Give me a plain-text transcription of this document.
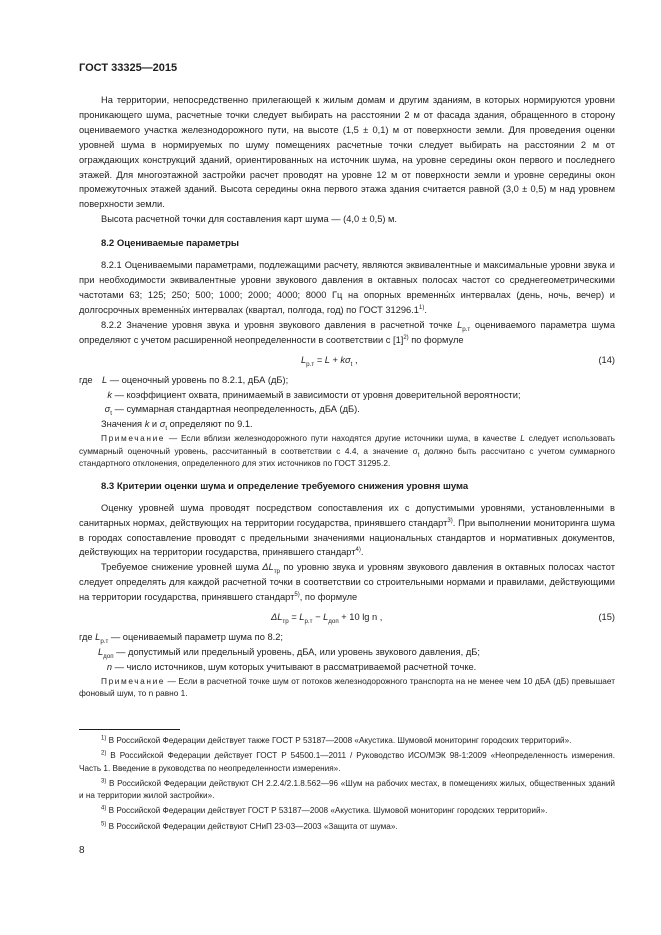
ГОСТ 33325—2015

На территории, непосредственно прилегающей к жилым домам и другим зданиям, в которых нормируются уровни проникающего шума, расчетные точки следует выбирать на расстоянии 2 м от фасада здания, обращенного в сторону оцениваемого участка железнодорожного пути, на высоте (1,5 ± 0,1) м от поверхности земли. Для проведения оценки уровней шума в нормируемых по шуму помещениях расчетные точки следует выбирать на расстоянии 2 м от ограждающих конструкций зданий, ориентированных на источник шума, на уровне середины окон первого и последнего этажей. Для многоэтажной застройки расчет проводят на уровне 12 м от поверхности земли и уровне середины окон промежуточных этажей зданий. Высота середины окна первого этажа здания считается равной (3,0 ± 0,5) м над уровнем поверхности земли.

Высота расчетной точки для составления карт шума — (4,0 ± 0,5) м.

8.2 Оцениваемые параметры

8.2.1 Оцениваемыми параметрами, подлежащими расчету, являются эквивалентные и максимальные уровни звука и при необходимости эквивалентные уровни звукового давления в октавных полосах частот со среднегеометрическими частотами 63; 125; 250; 500; 1000; 2000; 4000; 8000 Гц на опорных временны́х интервалах (день, ночь, вечер) и долгосрочных временны́х интервалах (квартал, полгода, год) по ГОСТ 31296.1$^{1)}$.

8.2.2 Значение уровня звука и уровня звукового давления в расчетной точке $L_{р.т}$ оцениваемого параметра шума определяют с учетом расширенной неопределенности в соответствии с $[1]^{2)}$ по формуле

$L_{р.т} = L + k\sigma_t$ ,	(14)
где L — оценочный уровень по 8.2.1, дБА (дБ);
k — коэффициент охвата, принимаемый в зависимости от уровня доверительной вероятности;
$\sigma_t$ — суммарная стандартная неопределенность, дБА (дБ).

Значения k и $\sigma_t$ определяют по 9.1.

Примечание — Если вблизи железнодорожного пути находятся другие источники шума, в качестве L следует использовать суммарный оценочный уровень, рассчитанный в соответствии с 4.4, а значение $\sigma_t$ должно быть рассчитано с учетом суммарного стандартного отклонения, определенного для этих источников по ГОСТ 31295.2.

8.3 Критерии оценки шума и определение требуемого снижения уровня шума

Оценку уровней шума проводят посредством сопоставления их с допустимыми уровнями, установленными в санитарных нормах, действующих на территории государства, принявшего стандарт$^{3)}$. При выполнении мониторинга шума в городах сопоставление проводят с предельными значениями национальных стандартов и нормативных документов, действующих на территории государства, принявшего стандарт$^{4)}$.

Требуемое снижение уровней шума $\Delta L_{тр}$ по уровню звука и уровням звукового давления в октавных полосах частот следует определять для каждой расчетной точки в соответствии со строительными нормами и правилами, действующими на территории государства, принявшего стандарт$^{5)}$, по формуле

$\Delta L_{тр} = L_{р.т} - L_{доп} + 10$ lg n ,	(15)
где $L_{р.т}$ — оцениваемый параметр шума по 8.2;
$L_{доп}$ — допустимый или предельный уровень, дБА, или уровень звукового давления, дБ;
n — число источников, шум которых учитывают в рассматриваемой расчетной точке.

Примечание — Если в расчетной точке шум от потоков железнодорожного транспорта на не менее чем 10 дБА (дБ) превышает фоновый шум, то n равно 1.

$^{1)}$ В Российской Федерации действует также ГОСТ Р 53187—2008 «Акустика. Шумовой мониторинг городских территорий».

$^{2)}$ В Российской Федерации действует ГОСТ Р 54500.1—2011 / Руководство ИСО/МЭК 98-1:2009 «Неопределенность измерения. Часть 1. Введение в руководства по неопределенности измерения».

$^{3)}$ В Российской Федерации действуют СН 2.2.4/2.1.8.562—96 «Шум на рабочих местах, в помещениях жилых, общественных зданий и на территории жилой застройки».

$^{4)}$ В Российской Федерации действует ГОСТ Р 53187—2008 «Акустика. Шумовой мониторинг городских территорий».

$^{5)}$ В Российской Федерации действуют СНиП 23-03—2003 «Защита от шума».

8
